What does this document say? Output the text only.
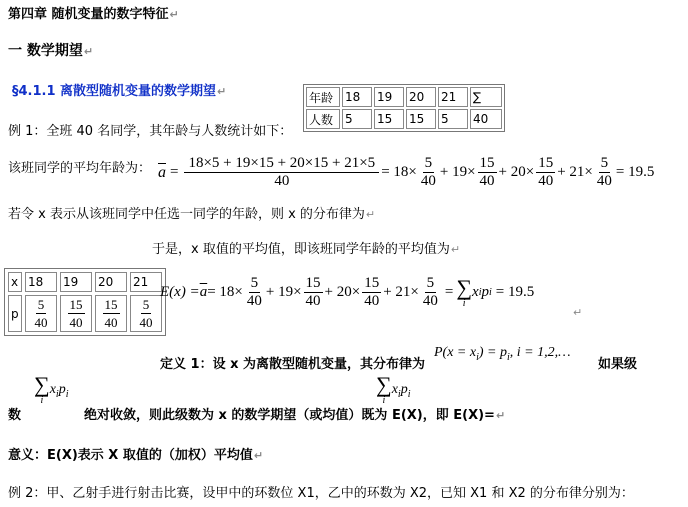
第四章 随机变量的数字特征↵
一 数学期望↵
§4.1.1 离散型随机变量的数学期望↵	年龄	18	19	20	21	∑
人数	5	15	15	5	40
例 1：全班 40 名同学，其年龄与人数统计如下：
该班同学的平均年龄为： $\overline{a} = \frac{18\times 5 + 19\times 15 + 20\times 15 + 21\times 5}{40} = 18\times \frac{5}{40} + 19\times \frac{15}{40} + 20\times \frac{15}{40} + 21\times \frac{5}{40} = 19.5$
若令 x 表示从该班同学中任选一同学的年龄，则 x 的分布律为↵
于是，x 取值的平均值，即该班同学年龄的平均值为↵
x	18	19	20	21
p	$\frac{5}{40}$	$\frac{15}{40}$	$\frac{15}{40}$	$\frac{5}{40}$
$E(x) = \overline{a} = 18\times \frac{5}{40} + 19\times \frac{15}{40} + 20\times \frac{15}{40} + 21\times \frac{5}{40}$ = ∑
i
x i p i = 19.5
↵
定义 1：设 x 为离散型随机变量，其分布律为
$P(x = x_i) = p_i$, i = 1,2,…
如果级
∑
i
$x_ip_i$
数	绝对收敛，则此级数为 x 的数学期望（或均值）既为 E(X)，即 E(X)=↵
∑
i
$x_ip_i$
意义：E(X)表示 X 取值的（加权）平均值↵
例 2：甲、乙射手进行射击比赛，设甲中的环数位 X1，乙中的环数为 X2，已知 X1 和 X2 的分布律分别为：
